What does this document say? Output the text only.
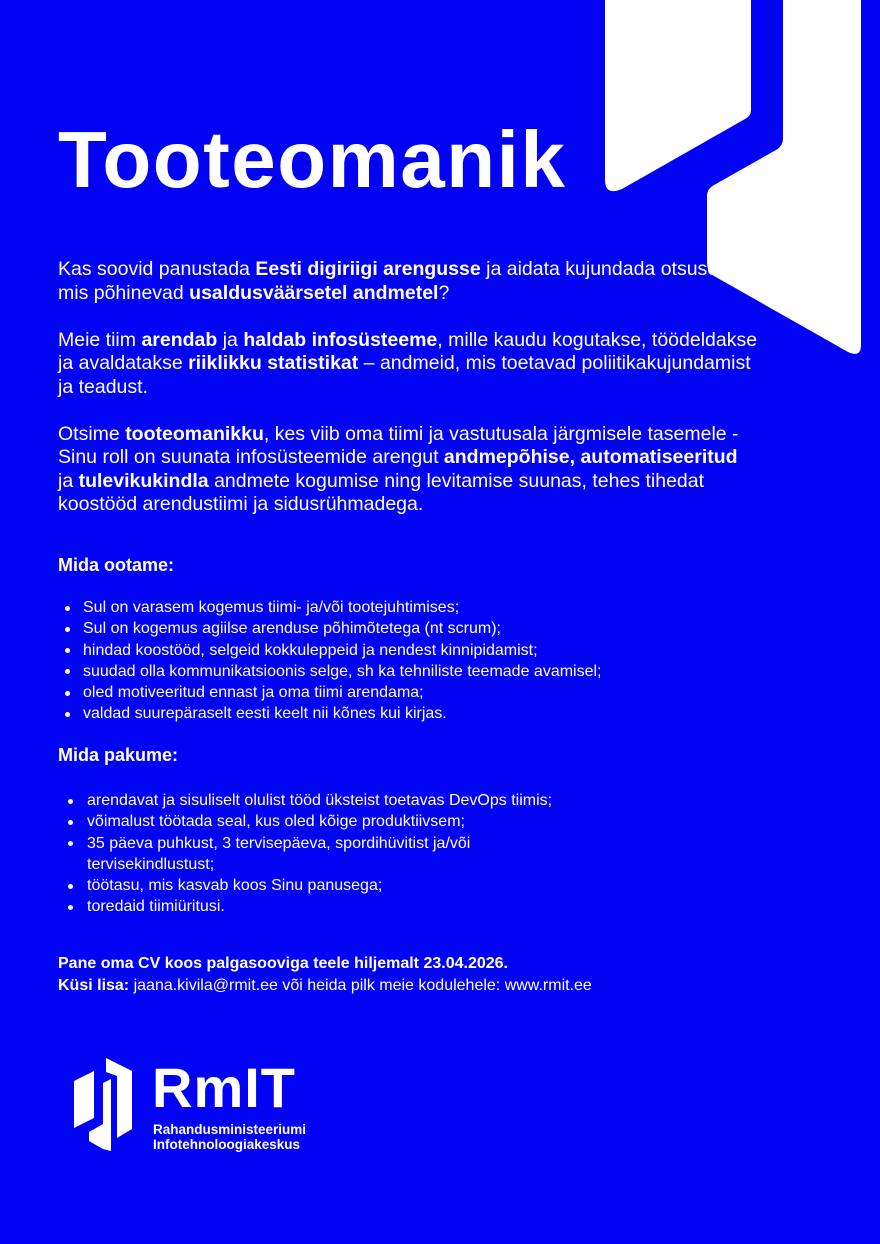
Tooteomanik

Kas soovid panustada Eesti digiriigi arengusse ja aidata kujundada otsuseid, mis põhinevad usaldusväärsetel andmetel?

Meie tiim arendab ja haldab infosüsteeme, mille kaudu kogutakse, töödeldakse ja avaldatakse riiklikku statistikat – andmeid, mis toetavad poliitikakujundamist ja teadust.

Otsime tooteomanikku, kes viib oma tiimi ja vastutusala järgmisele tasemele - Sinu roll on suunata infosüsteemide arengut andmepõhise, automatiseeritud ja tulevikukindla andmete kogumise ning levitamise suunas, tehes tihedat koostööd arendustiimi ja sidusrühmadega.

Mida ootame:
Sul on varasem kogemus tiimi- ja/või tootejuhtimises;
Sul on kogemus agiilse arenduse põhimõtetega (nt scrum);
hindad koostööd, selgeid kokkuleppeid ja nendest kinnipidamist;
suudad olla kommunikatsioonis selge, sh ka tehniliste teemade avamisel;
oled motiveeritud ennast ja oma tiimi arendama;
valdad suurepäraselt eesti keelt nii kõnes kui kirjas.
Mida pakume:
arendavat ja sisuliselt olulist tööd üksteist toetavas DevOps tiimis;
võimalust töötada seal, kus oled kõige produktiivsem;
35 päeva puhkust, 3 tervisepäeva, spordihüvitist ja/või tervisekindlustust;
töötasu, mis kasvab koos Sinu panusega;
toredaid tiimiüritusi.
Pane oma CV koos palgasooviga teele hiljemalt 23.04.2026.
Küsi lisa: jaana.kivila@rmit.ee või heida pilk meie kodulehele: www.rmit.ee
RmIT
Rahandusministeeriumi
Infotehnoloogiakeskus
